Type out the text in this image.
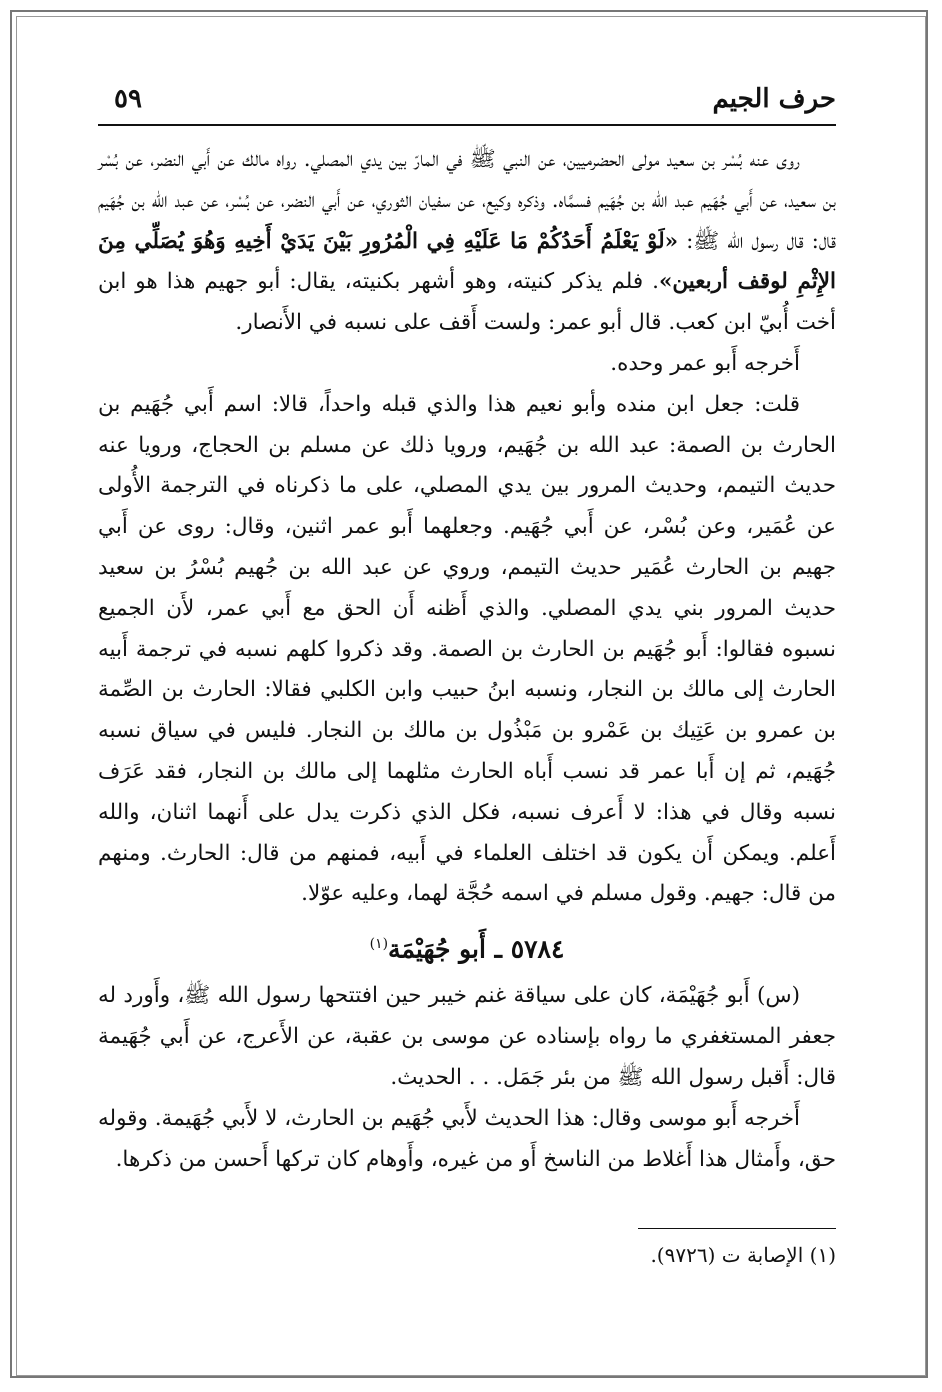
حرف الجيم
٥٩

روى عنه بُسْر بن سعيد مولى الحضرميين، عن النبي ﷺ في المارّ بين يدي المصلي. رواه مالك عن أَبي النضر، عن بُسْر بن سعيد، عن أَبي جُهَيم عبد الله بن جُهَيم فسمَّاه. وذكره وكيع، عن سفيان الثوري، عن أَبي النضر، عن بُسْر، عن عبد الله بن جُهَيم قال: قال رسول الله ﷺ: «لَوْ يَعْلَمُ أَحَدُكُمْ مَا عَلَيْهِ فِي الْمُرُورِ بَيْنَ يَدَيْ أَخِيهِ وَهُوَ يُصَلِّي مِنَ الإِثْمِ لوقف أربعين». فلم يذكر كنيته، وهو أشهر بكنيته، يقال: أبو جهيم هذا هو ابن أخت أُبيّ ابن كعب. قال أبو عمر: ولست أَقف على نسبه في الأَنصار.

أَخرجه أَبو عمر وحده.

قلت: جعل ابن منده وأبو نعيم هذا والذي قبله واحداً، قالا: اسم أَبي جُهَيم بن الحارث بن الصمة: عبد الله بن جُهَيم، ورويا ذلك عن مسلم بن الحجاج، ورويا عنه حديث التيمم، وحديث المرور بين يدي المصلي، على ما ذكرناه في الترجمة الأُولى عن عُمَير، وعن بُسْر، عن أَبي جُهَيم. وجعلهما أَبو عمر اثنين، وقال: روى عن أَبي جهيم بن الحارث عُمَير حديث التيمم، وروي عن عبد الله بن جُهيم بُسْرُ بن سعيد حديث المرور بني يدي المصلي. والذي أَظنه أَن الحق مع أَبي عمر، لأَن الجميع نسبوه فقالوا: أَبو جُهَيم بن الحارث بن الصمة. وقد ذكروا كلهم نسبه في ترجمة أَبيه الحارث إلى مالك بن النجار، ونسبه ابنُ حبيب وابن الكلبي فقالا: الحارث بن الصِّمة بن عمرو بن عَتِيك بن عَمْرو بن مَبْذُول بن مالك بن النجار. فليس في سياق نسبه جُهَيم، ثم إن أَبا عمر قد نسب أَباه الحارث مثلهما إلى مالك بن النجار، فقد عَرَف نسبه وقال في هذا: لا أَعرف نسبه، فكل الذي ذكرت يدل على أَنهما اثنان، والله أَعلم. ويمكن أَن يكون قد اختلف العلماء في أَبيه، فمنهم من قال: الحارث. ومنهم من قال: جهيم. وقول مسلم في اسمه حُجَّة لهما، وعليه عوّلا.

٥٧٨٤ ـ أَبو جُهَيْمَة$^{(١)}$

(س) أَبو جُهَيْمَة، كان على سياقة غنم خيبر حين افتتحها رسول الله ﷺ، وأَورد له جعفر المستغفري ما رواه بإسناده عن موسى بن عقبة، عن الأَعرج، عن أَبي جُهَيمة قال: أَقبل رسول الله ﷺ من بئر جَمَل. . . الحديث.

أَخرجه أَبو موسى وقال: هذا الحديث لأَبي جُهَيم بن الحارث، لا لأَبي جُهَيمة. وقوله حق، وأَمثال هذا أَغلاط من الناسخ أَو من غيره، وأَوهام كان تركها أَحسن من ذكرها.

(١) الإصابة ت (٩٧٢٦).
